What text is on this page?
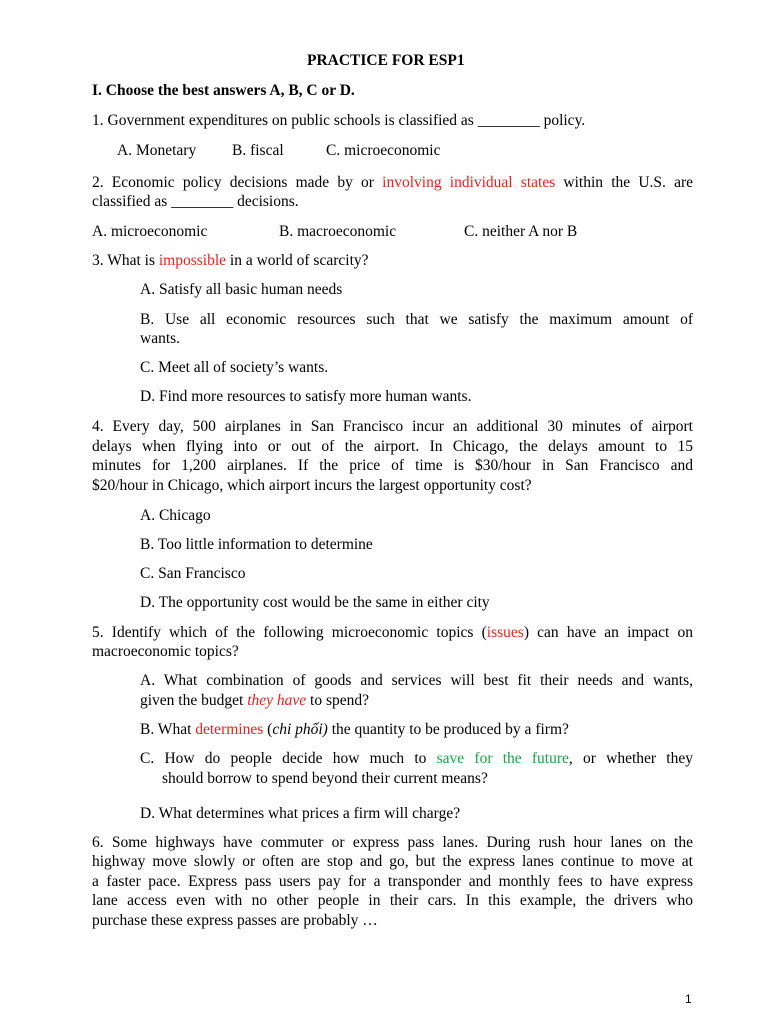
PRACTICE FOR ESP1
I. Choose the best answers A, B, C or D.
1. Government expenditures on public schools is classified as ________ policy.
A. Monetary B. fiscal	C. microeconomic
2. Economic policy decisions made by or involving individual states within the U.S. are
classified as ________ decisions.
A. microeconomic	B. macroeconomic	C. neither A nor B
3. What is impossible in a world of scarcity?
A. Satisfy all basic human needs
B. Use all economic resources such that we satisfy the maximum amount of
wants.
C. Meet all of society’s wants.
D. Find more resources to satisfy more human wants.
4. Every day, 500 airplanes in San Francisco incur an additional 30 minutes of airport
delays when flying into or out of the airport. In Chicago, the delays amount to 15
minutes for 1,200 airplanes. If the price of time is $30/hour in San Francisco and
$20/hour in Chicago, which airport incurs the largest opportunity cost?
A. Chicago
B. Too little information to determine
C. San Francisco
D. The opportunity cost would be the same in either city
5. Identify which of the following microeconomic topics (issues) can have an impact on
macroeconomic topics?
A. What combination of goods and services will best fit their needs and wants,
given the budget they have to spend?
B. What determines (chi phối) the quantity to be produced by a firm?
C. How do people decide how much to save for the future, or whether they
should borrow to spend beyond their current means?
D. What determines what prices a firm will charge?
6. Some highways have commuter or express pass lanes. During rush hour lanes on the
highway move slowly or often are stop and go, but the express lanes continue to move at
a faster pace. Express pass users pay for a transponder and monthly fees to have express
lane access even with no other people in their cars. In this example, the drivers who
purchase these express passes are probably …
1
